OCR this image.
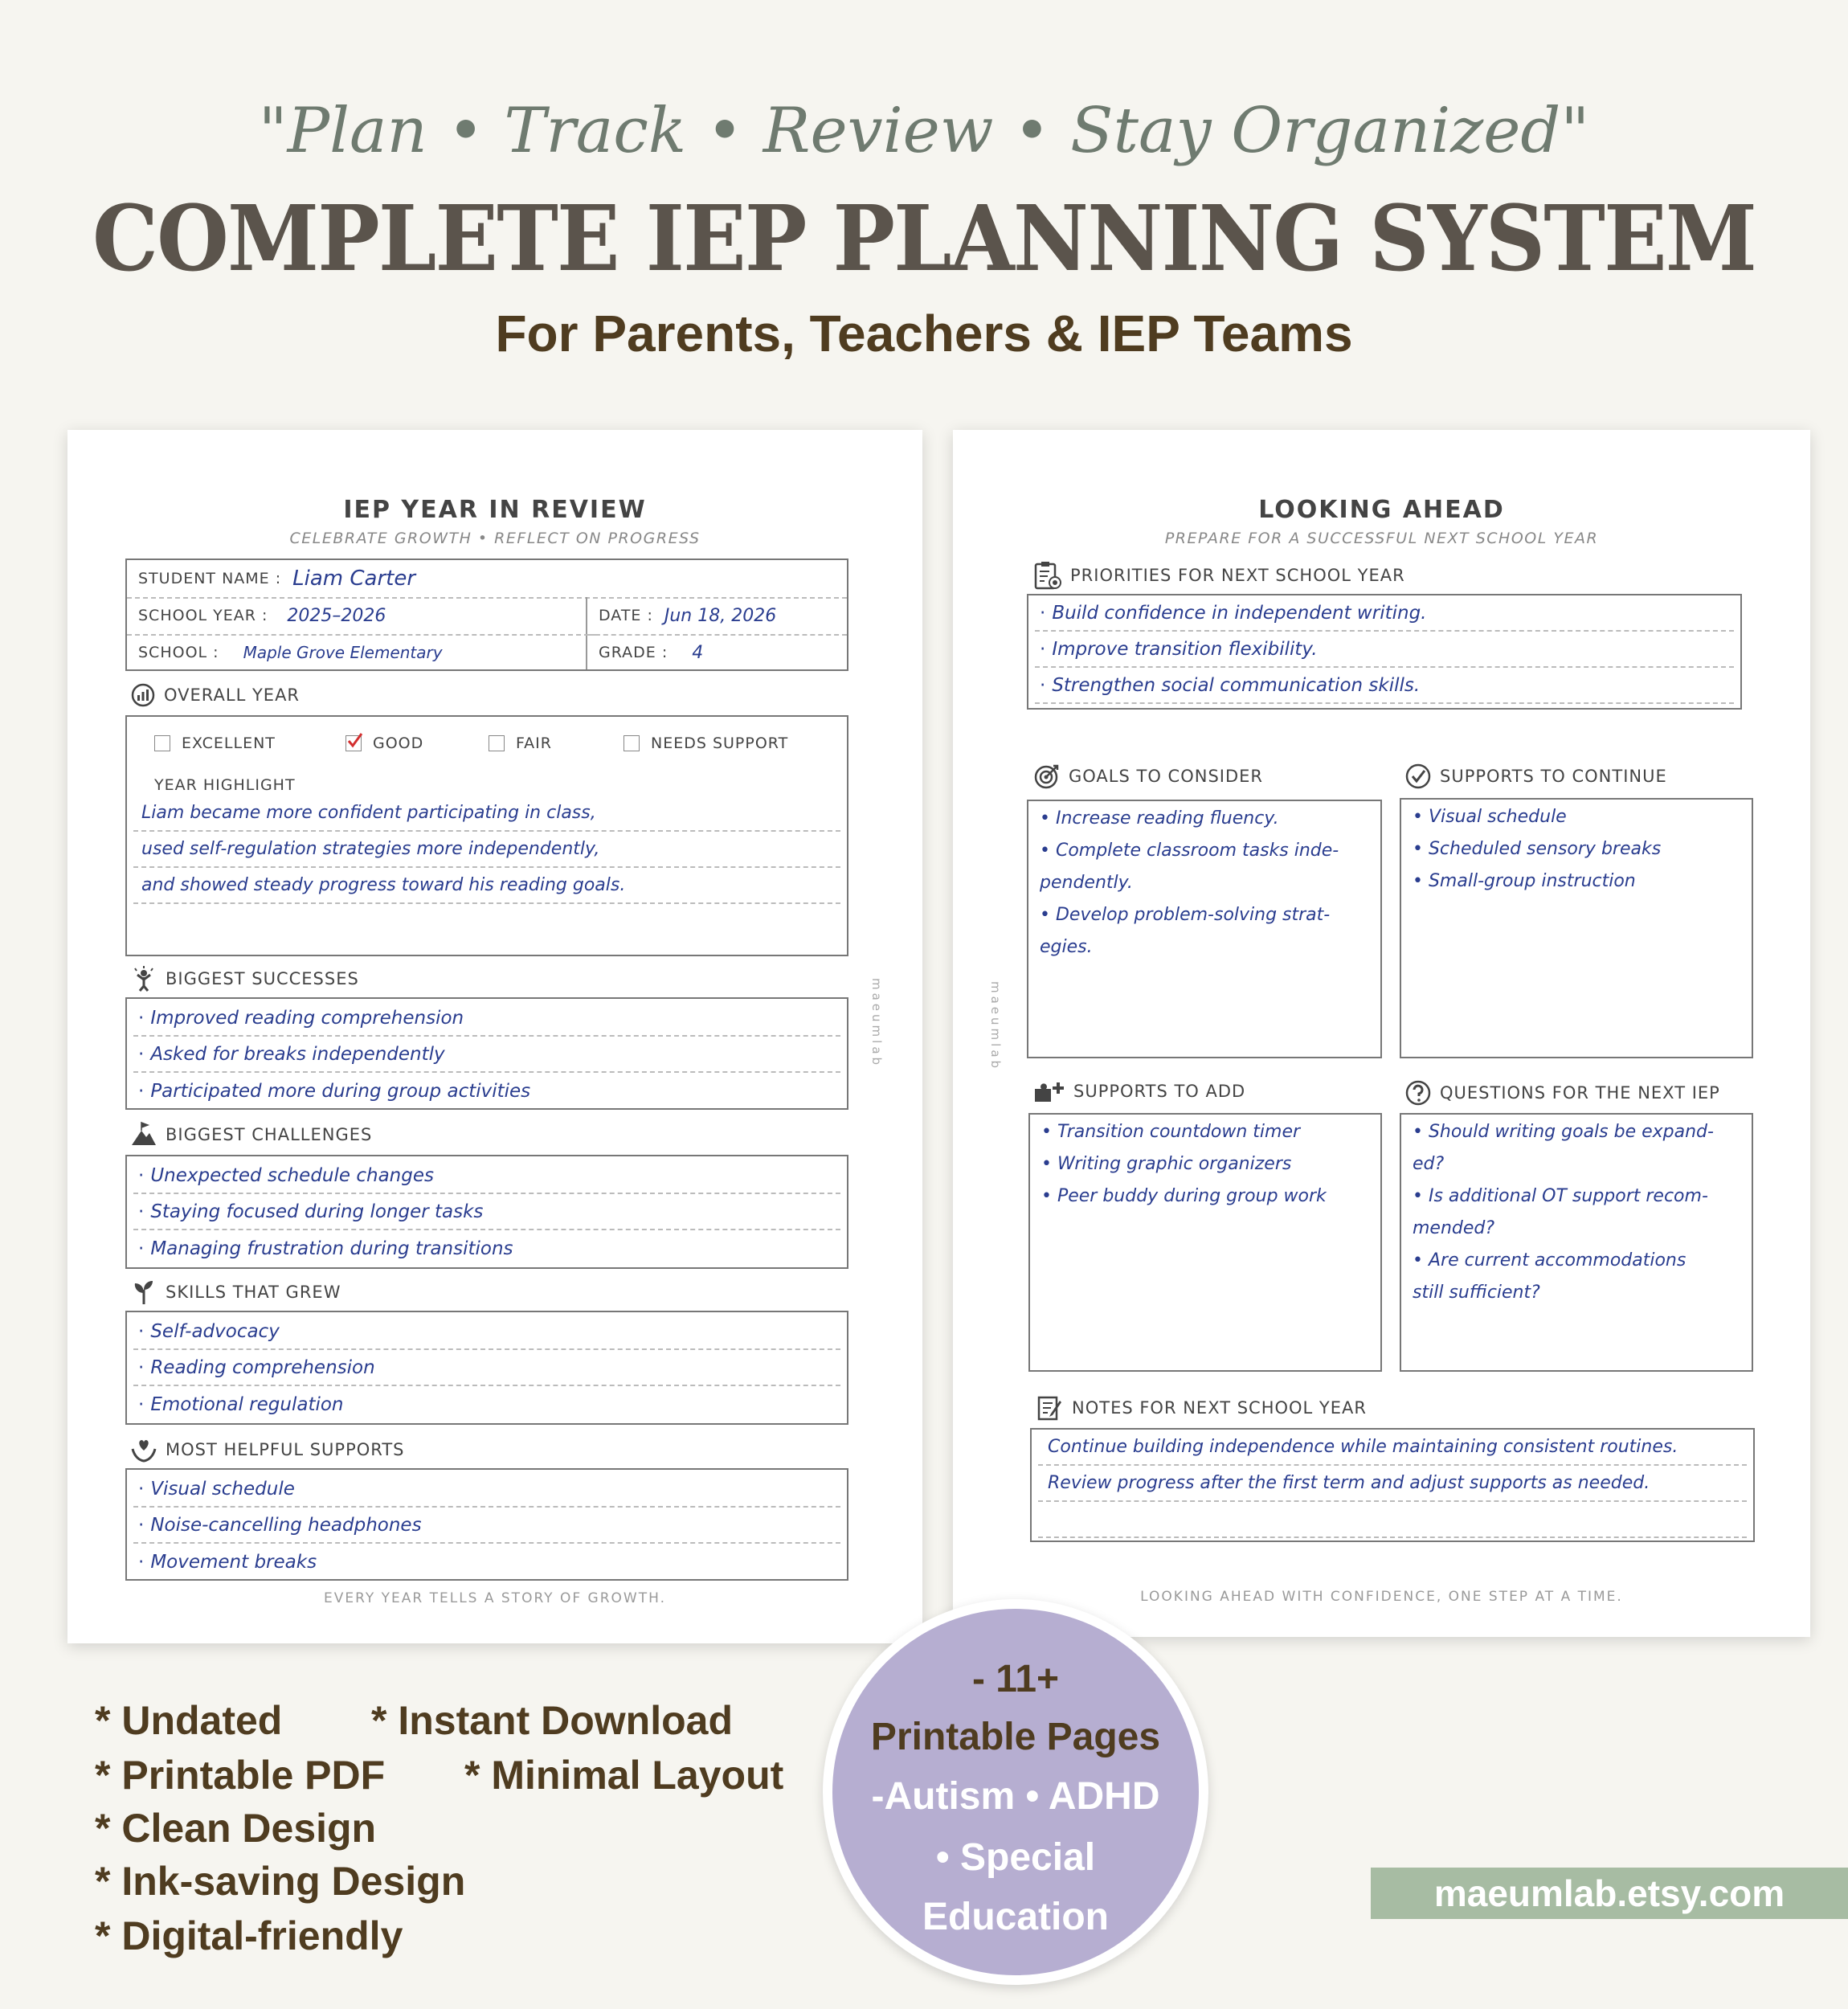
"Plan • Track • Review • Stay Organized"
COMPLETE IEP PLANNING SYSTEM
For Parents, Teachers & IEP Teams
IEP YEAR IN REVIEW
CELEBRATE GROWTH • REFLECT ON PROGRESS
STUDENT NAME : Liam Carter
SCHOOL YEAR : 2025–2026	DATE : Jun 18, 2026
SCHOOL : Maple Grove Elementary	GRADE : 4
OVERALL YEAR
EXCELLENT	GOOD	FAIR	NEEDS SUPPORT
YEAR HIGHLIGHT
Liam became more confident participating in class,
used self-regulation strategies more independently,
and showed steady progress toward his reading goals.
BIGGEST SUCCESSES
· Improved reading comprehension
· Asked for breaks independently
· Participated more during group activities
BIGGEST CHALLENGES
· Unexpected schedule changes
· Staying focused during longer tasks
· Managing frustration during transitions
SKILLS THAT GREW
· Self-advocacy
· Reading comprehension
· Emotional regulation
MOST HELPFUL SUPPORTS
· Visual schedule
· Noise-cancelling headphones
· Movement breaks
EVERY YEAR TELLS A STORY OF GROWTH.
maeumlab
LOOKING AHEAD
PREPARE FOR A SUCCESSFUL NEXT SCHOOL YEAR
PRIORITIES FOR NEXT SCHOOL YEAR
· Build confidence in independent writing.
· Improve transition flexibility.
· Strengthen social communication skills.
GOALS TO CONSIDER
• Increase reading fluency.
• Complete classroom tasks inde-
pendently.
• Develop problem-solving strat-
egies.
SUPPORTS TO CONTINUE
• Visual schedule
• Scheduled sensory breaks
• Small-group instruction
SUPPORTS TO ADD
• Transition countdown timer
• Writing graphic organizers
• Peer buddy during group work
QUESTIONS FOR THE NEXT IEP
• Should writing goals be expand-
ed?
• Is additional OT support recom-
mended?
• Are current accommodations
still sufficient?
NOTES FOR NEXT SCHOOL YEAR
Continue building independence while maintaining consistent routines.
Review progress after the first term and adjust supports as needed.
LOOKING AHEAD WITH CONFIDENCE, ONE STEP AT A TIME.
maeumlab
* Undated * Instant Download
* Printable PDF * Minimal Layout
* Clean Design
* Ink-saving Design
* Digital-friendly
- 11+
Printable Pages
-Autism • ADHD
• Special
Education
maeumlab.etsy.com
